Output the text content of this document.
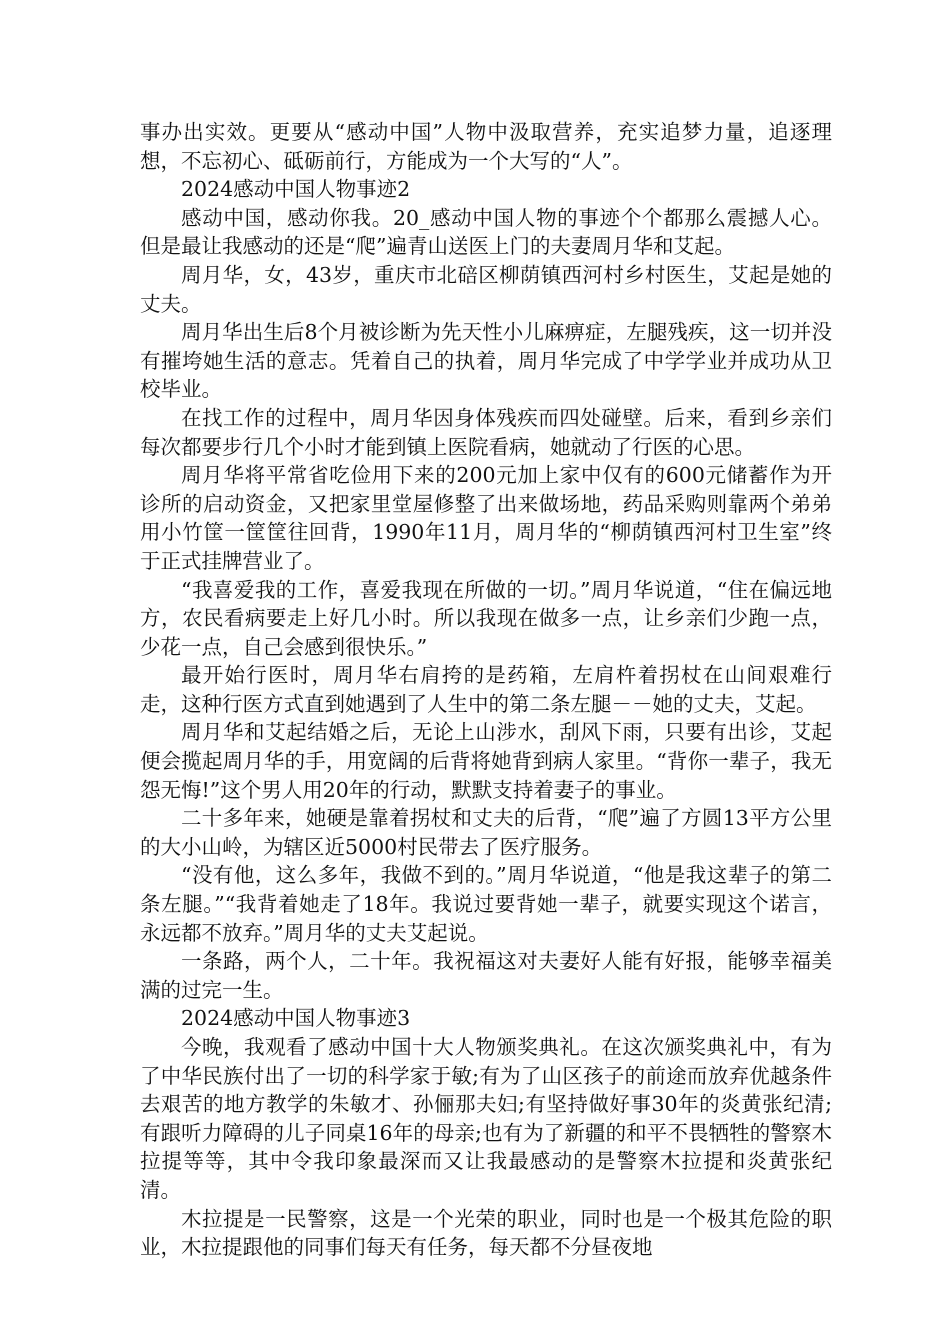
事办出实效。更要从“感动中国”人物中汲取营养，充实追梦力量，追逐理想，不忘初心、砥砺前行，方能成为一个大写的“人”。

2024感动中国人物事迹2

感动中国，感动你我。20_感动中国人物的事迹个个都那么震撼人心。但是最让我感动的还是“爬”遍青山送医上门的夫妻周月华和艾起。

周月华，女，43岁，重庆市北碚区柳荫镇西河村乡村医生，艾起是她的丈夫。

周月华出生后8个月被诊断为先天性小儿麻痹症，左腿残疾，这一切并没有摧垮她生活的意志。凭着自己的执着，周月华完成了中学学业并成功从卫校毕业。

在找工作的过程中，周月华因身体残疾而四处碰壁。后来，看到乡亲们每次都要步行几个小时才能到镇上医院看病，她就动了行医的心思。

周月华将平常省吃俭用下来的200元加上家中仅有的600元储蓄作为开诊所的启动资金，又把家里堂屋修整了出来做场地，药品采购则靠两个弟弟用小竹筐一筐筐往回背，1990年11月，周月华的“柳荫镇西河村卫生室”终于正式挂牌营业了。

“我喜爱我的工作，喜爱我现在所做的一切。”周月华说道，“住在偏远地方，农民看病要走上好几小时。所以我现在做多一点，让乡亲们少跑一点，少花一点，自己会感到很快乐。”

最开始行医时，周月华右肩挎的是药箱，左肩杵着拐杖在山间艰难行走，这种行医方式直到她遇到了人生中的第二条左腿－－她的丈夫，艾起。

周月华和艾起结婚之后，无论上山涉水，刮风下雨，只要有出诊，艾起便会揽起周月华的手，用宽阔的后背将她背到病人家里。“背你一辈子，我无怨无悔!”这个男人用20年的行动，默默支持着妻子的事业。

二十多年来，她硬是靠着拐杖和丈夫的后背，“爬”遍了方圆13平方公里的大小山岭，为辖区近5000村民带去了医疗服务。

“没有他，这么多年，我做不到的。”周月华说道，“他是我这辈子的第二条左腿。”“我背着她走了18年。我说过要背她一辈子，就要实现这个诺言，永远都不放弃。”周月华的丈夫艾起说。

一条路，两个人，二十年。我祝福这对夫妻好人能有好报，能够幸福美满的过完一生。

2024感动中国人物事迹3

今晚，我观看了感动中国十大人物颁奖典礼。在这次颁奖典礼中，有为了中华民族付出了一切的科学家于敏;有为了山区孩子的前途而放弃优越条件去艰苦的地方教学的朱敏才、孙俪那夫妇;有坚持做好事30年的炎黄张纪清;有跟听力障碍的儿子同桌16年的母亲;也有为了新疆的和平不畏牺牲的警察木拉提等等，其中令我印象最深而又让我最感动的是警察木拉提和炎黄张纪清。

木拉提是一民警察，这是一个光荣的职业，同时也是一个极其危险的职业，木拉提跟他的同事们每天有任务，每天都不分昼夜地
